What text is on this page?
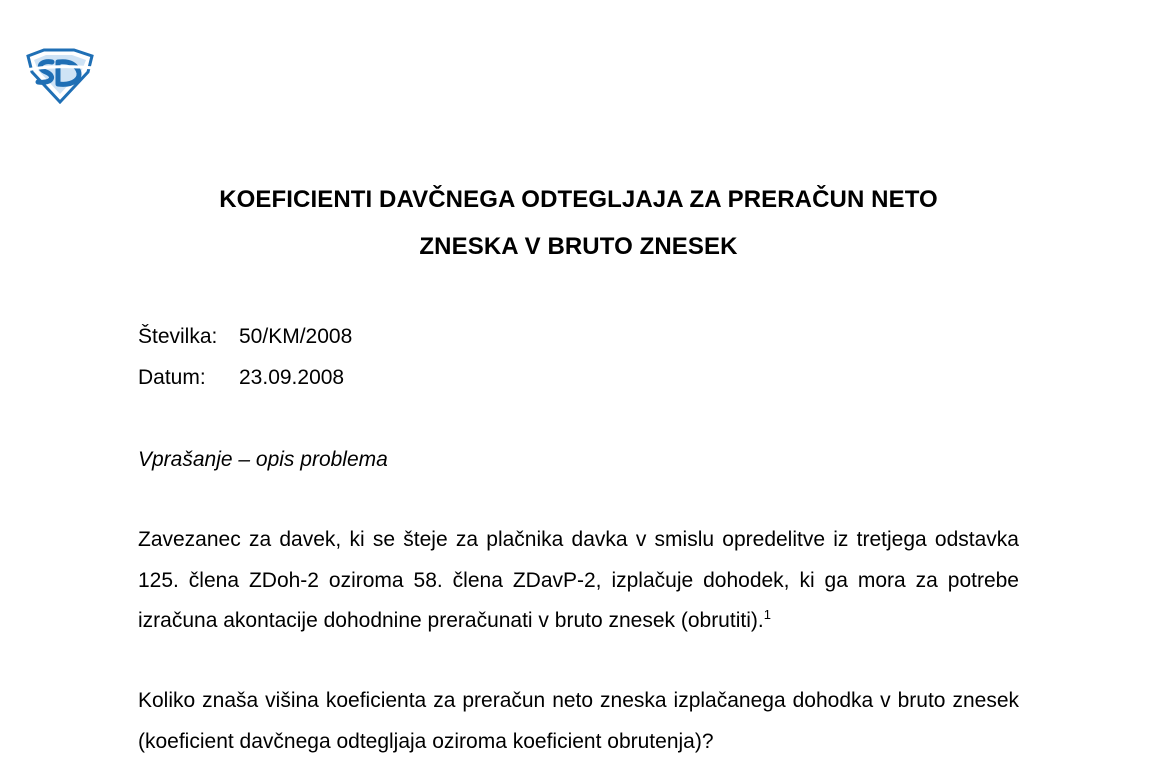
KOEFICIENTI DAVČNEGA ODTEGLJAJA ZA PRERAČUN NETO
ZNESKA V BRUTO ZNESEK
Številka: 50/KM/2008
Datum: 23.09.2008
Vprašanje – opis problema
Zavezanec za davek, ki se šteje za plačnika davka v smislu opredelitve iz tretjega odstavka 125. člena ZDoh-2 oziroma 58. člena ZDavP-2, izplačuje dohodek, ki ga mora za potrebe izračuna akontacije dohodnine preračunati v bruto znesek (obrutiti).$^1$
Koliko znaša višina koeficienta za preračun neto zneska izplačanega dohodka v bruto znesek (koeficient davčnega odtegljaja oziroma koeficient obrutenja)?
